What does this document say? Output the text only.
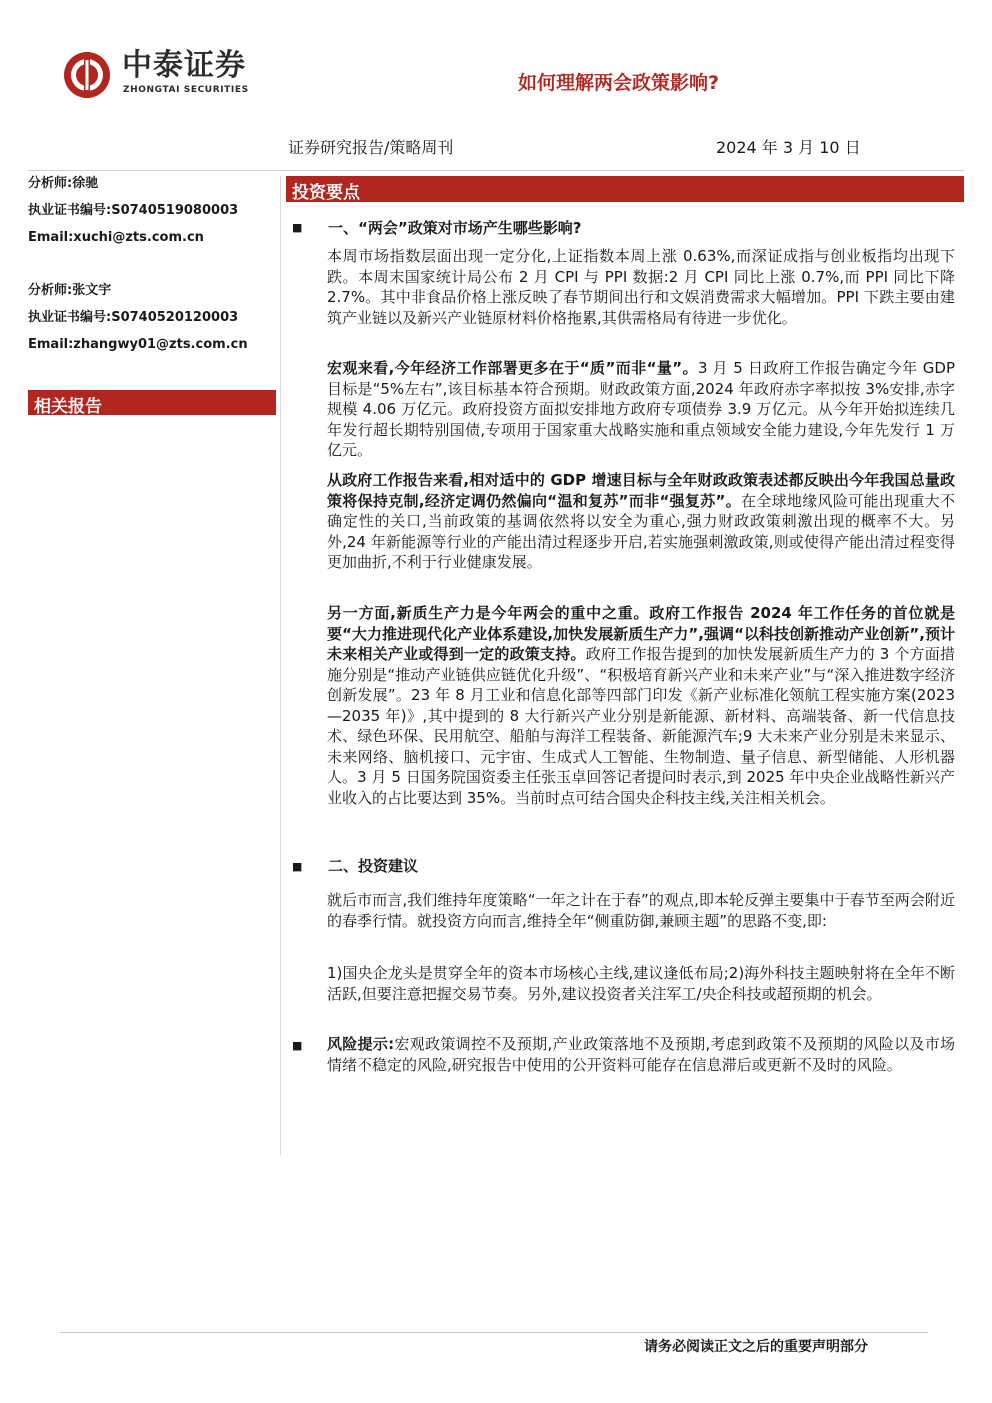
中泰证券
ZHONGTAI SECURITIES	如何理解两会政策影响?
证券研究报告/策略周刊	2024 年 3 月 10 日
分析师:徐驰
执业证书编号:S0740519080003
Email:xuchi@zts.com.cn
分析师:张文宇
执业证书编号:S0740520120003
Email:zhangwy01@zts.com.cn
相关报告
投资要点
■ 一、“两会”政策对市场产生哪些影响?

本周市场指数层面出现一定分化,上证指数本周上涨 0.63%,而深证成指与创业板指均出现下跌。本周末国家统计局公布 2 月 CPI 与 PPI 数据:2 月 CPI 同比上涨 0.7%,而 PPI 同比下降 2.7%。其中非食品价格上涨反映了春节期间出行和文娱消费需求大幅增加。PPI 下跌主要由建筑产业链以及新兴产业链原材料价格拖累,其供需格局有待进一步优化。

宏观来看,今年经济工作部署更多在于“质”而非“量”。3 月 5 日政府工作报告确定今年 GDP 目标是“5%左右”,该目标基本符合预期。财政政策方面,2024 年政府赤字率拟按 3%安排,赤字规模 4.06 万亿元。政府投资方面拟安排地方政府专项债券 3.9 万亿元。从今年开始拟连续几年发行超长期特别国债,专项用于国家重大战略实施和重点领域安全能力建设,今年先发行 1 万亿元。

从政府工作报告来看,相对适中的 GDP 增速目标与全年财政政策表述都反映出今年我国总量政策将保持克制,经济定调仍然偏向“温和复苏”而非“强复苏”。在全球地缘风险可能出现重大不确定性的关口,当前政策的基调依然将以安全为重心,强力财政政策刺激出现的概率不大。另外,24 年新能源等行业的产能出清过程逐步开启,若实施强刺激政策,则或使得产能出清过程变得更加曲折,不利于行业健康发展。

另一方面,新质生产力是今年两会的重中之重。政府工作报告 2024 年工作任务的首位就是要“大力推进现代化产业体系建设,加快发展新质生产力”,强调“以科技创新推动产业创新”,预计未来相关产业或得到一定的政策支持。政府工作报告提到的加快发展新质生产力的 3 个方面措施分别是“推动产业链供应链优化升级”、“积极培育新兴产业和未来产业”与“深入推进数字经济创新发展”。23 年 8 月工业和信息化部等四部门印发《新产业标准化领航工程实施方案(2023—2035 年)》,其中提到的 8 大行新兴产业分别是新能源、新材料、高端装备、新一代信息技术、绿色环保、民用航空、船舶与海洋工程装备、新能源汽车;9 大未来产业分别是未来显示、未来网络、脑机接口、元宇宙、生成式人工智能、生物制造、量子信息、新型储能、人形机器人。3 月 5 日国务院国资委主任张玉卓回答记者提问时表示,到 2025 年中央企业战略性新兴产业收入的占比要达到 35%。当前时点可结合国央企科技主线,关注相关机会。

■ 二、投资建议

就后市而言,我们维持年度策略“一年之计在于春”的观点,即本轮反弹主要集中于春节至两会附近的春季行情。就投资方向而言,维持全年“侧重防御,兼顾主题”的思路不变,即:

1)国央企龙头是贯穿全年的资本市场核心主线,建议逢低布局;2)海外科技主题映射将在全年不断活跃,但要注意把握交易节奏。另外,建议投资者关注军工/央企科技或超预期的机会。

■ 风险提示:宏观政策调控不及预期,产业政策落地不及预期,考虑到政策不及预期的风险以及市场情绪不稳定的风险,研究报告中使用的公开资料可能存在信息滞后或更新不及时的风险。

请务必阅读正文之后的重要声明部分
